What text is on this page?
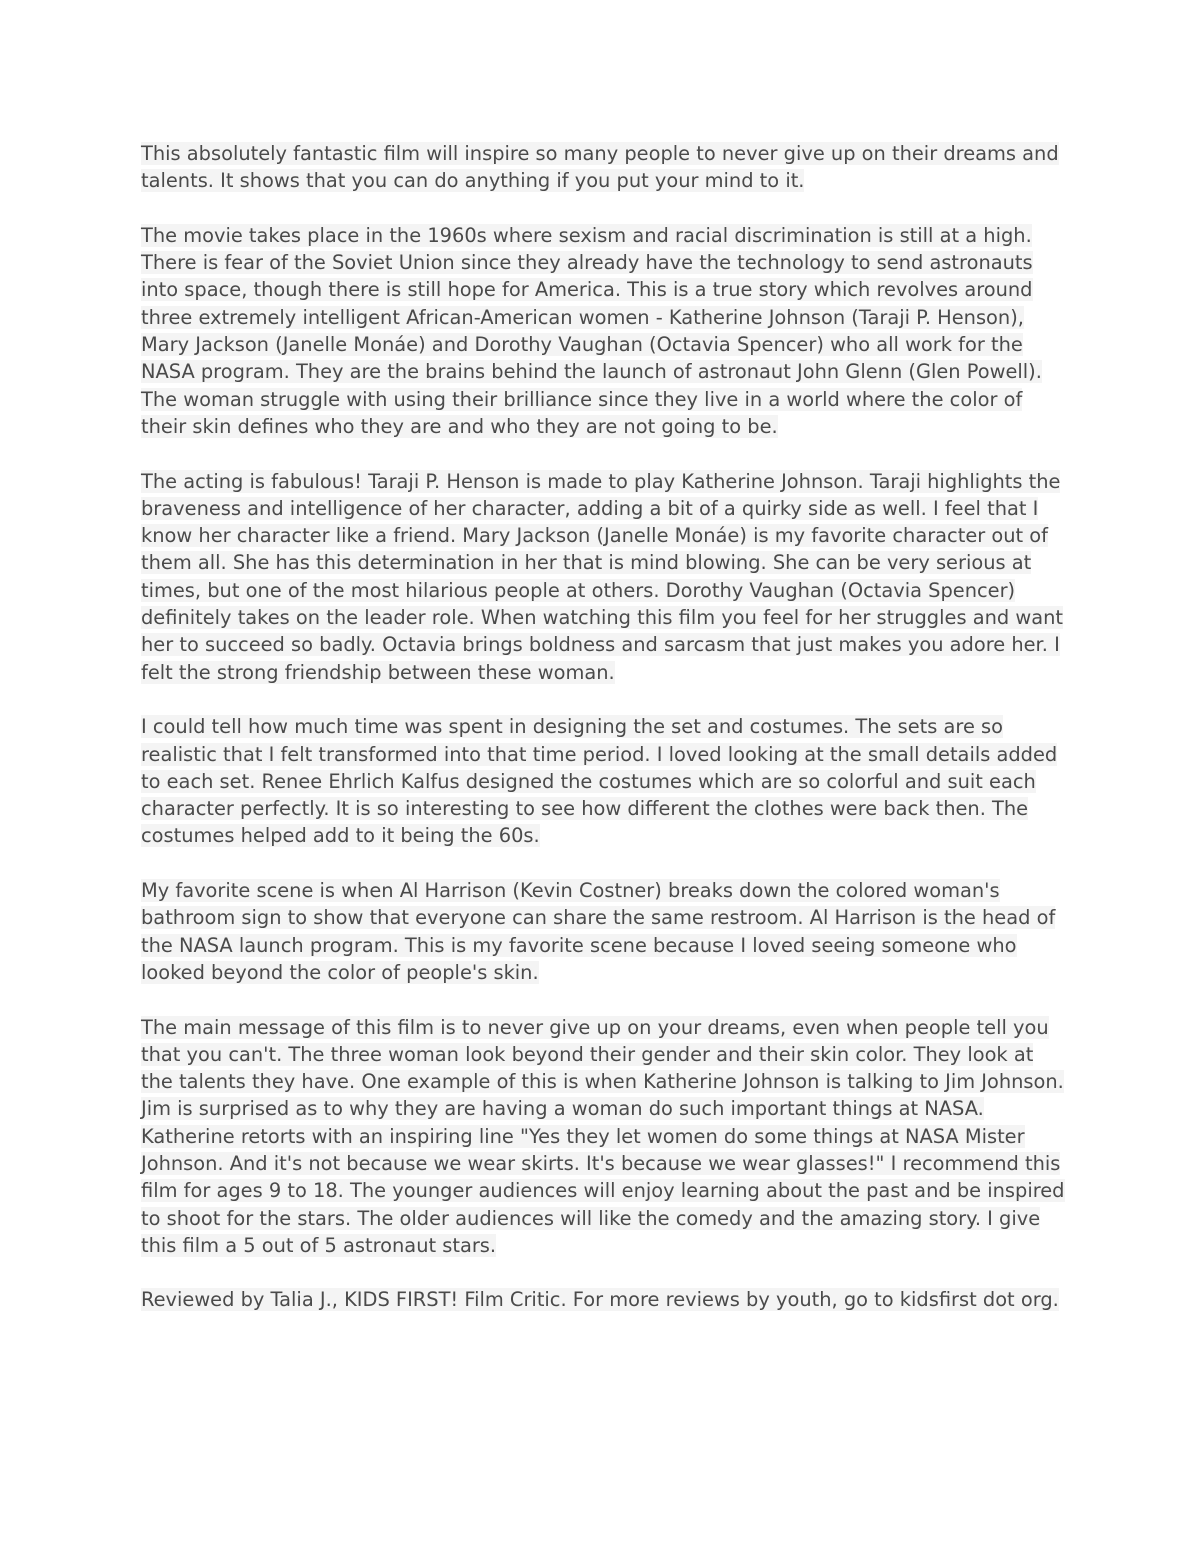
This absolutely fantastic film will inspire so many people to never give up on their dreams and talents. It shows that you can do anything if you put your mind to it.

The movie takes place in the 1960s where sexism and racial discrimination is still at a high. There is fear of the Soviet Union since they already have the technology to send astronauts into space, though there is still hope for America. This is a true story which revolves around three extremely intelligent African-American women - Katherine Johnson (Taraji P. Henson), Mary Jackson (Janelle Monáe) and Dorothy Vaughan (Octavia Spencer) who all work for the NASA program. They are the brains behind the launch of astronaut John Glenn (Glen Powell). The woman struggle with using their brilliance since they live in a world where the color of their skin defines who they are and who they are not going to be.

The acting is fabulous! Taraji P. Henson is made to play Katherine Johnson. Taraji highlights the braveness and intelligence of her character, adding a bit of a quirky side as well. I feel that I know her character like a friend. Mary Jackson (Janelle Monáe) is my favorite character out of them all. She has this determination in her that is mind blowing. She can be very serious at times, but one of the most hilarious people at others. Dorothy Vaughan (Octavia Spencer) definitely takes on the leader role. When watching this film you feel for her struggles and want her to succeed so badly. Octavia brings boldness and sarcasm that just makes you adore her. I felt the strong friendship between these woman.

I could tell how much time was spent in designing the set and costumes. The sets are so realistic that I felt transformed into that time period. I loved looking at the small details added to each set. Renee Ehrlich Kalfus designed the costumes which are so colorful and suit each character perfectly. It is so interesting to see how different the clothes were back then. The costumes helped add to it being the 60s.

My favorite scene is when Al Harrison (Kevin Costner) breaks down the colored woman's bathroom sign to show that everyone can share the same restroom. Al Harrison is the head of the NASA launch program. This is my favorite scene because I loved seeing someone who looked beyond the color of people's skin.

The main message of this film is to never give up on your dreams, even when people tell you that you can't. The three woman look beyond their gender and their skin color. They look at the talents they have. One example of this is when Katherine Johnson is talking to Jim Johnson. Jim is surprised as to why they are having a woman do such important things at NASA. Katherine retorts with an inspiring line "Yes they let women do some things at NASA Mister Johnson. And it's not because we wear skirts. It's because we wear glasses!" I recommend this film for ages 9 to 18. The younger audiences will enjoy learning about the past and be inspired to shoot for the stars. The older audiences will like the comedy and the amazing story. I give this film a 5 out of 5 astronaut stars.

Reviewed by Talia J., KIDS FIRST! Film Critic. For more reviews by youth, go to kidsfirst dot org.
